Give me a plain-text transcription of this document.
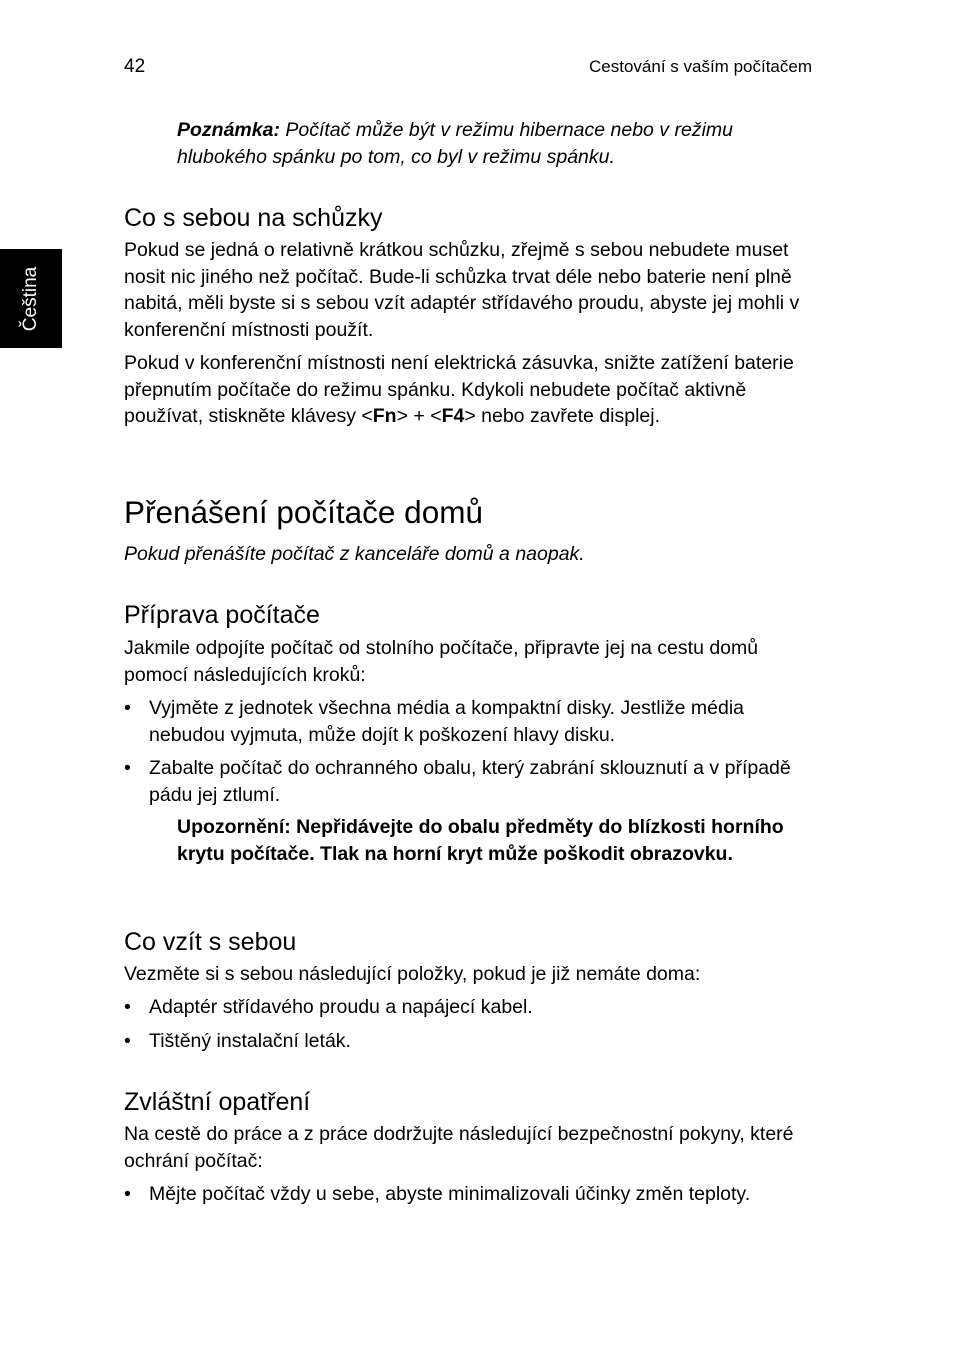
42	Cestování s vaším počítačem
Čeština

Poznámka: Počítač může být v režimu hibernace nebo v režimu hlubokého spánku po tom, co byl v režimu spánku.

Co s sebou na schůzky

Pokud se jedná o relativně krátkou schůzku, zřejmě s sebou nebudete muset nosit nic jiného než počítač. Bude-li schůzka trvat déle nebo baterie není plně nabitá, měli byste si s sebou vzít adaptér střídavého proudu, abyste jej mohli v konferenční místnosti použít.

Pokud v konferenční místnosti není elektrická zásuvka, snižte zatížení baterie přepnutím počítače do režimu spánku. Kdykoli nebudete počítač aktivně používat, stiskněte klávesy <Fn> + <F4> nebo zavřete displej.

Přenášení počítače domů

Pokud přenášíte počítač z kanceláře domů a naopak.

Příprava počítače

Jakmile odpojíte počítač od stolního počítače, připravte jej na cestu domů pomocí následujících kroků:

• Vyjměte z jednotek všechna média a kompaktní disky. Jestliže média nebudou vyjmuta, může dojít k poškození hlavy disku.
• Zabalte počítač do ochranného obalu, který zabrání sklouznutí a v případě pádu jej ztlumí.

Upozornění: Nepřidávejte do obalu předměty do blízkosti horního krytu počítače. Tlak na horní kryt může poškodit obrazovku.

Co vzít s sebou

Vezměte si s sebou následující položky, pokud je již nemáte doma:

• Adaptér střídavého proudu a napájecí kabel.
• Tištěný instalační leták.
Zvláštní opatření

Na cestě do práce a z práce dodržujte následující bezpečnostní pokyny, které ochrání počítač:

• Mějte počítač vždy u sebe, abyste minimalizovali účinky změn teploty.
